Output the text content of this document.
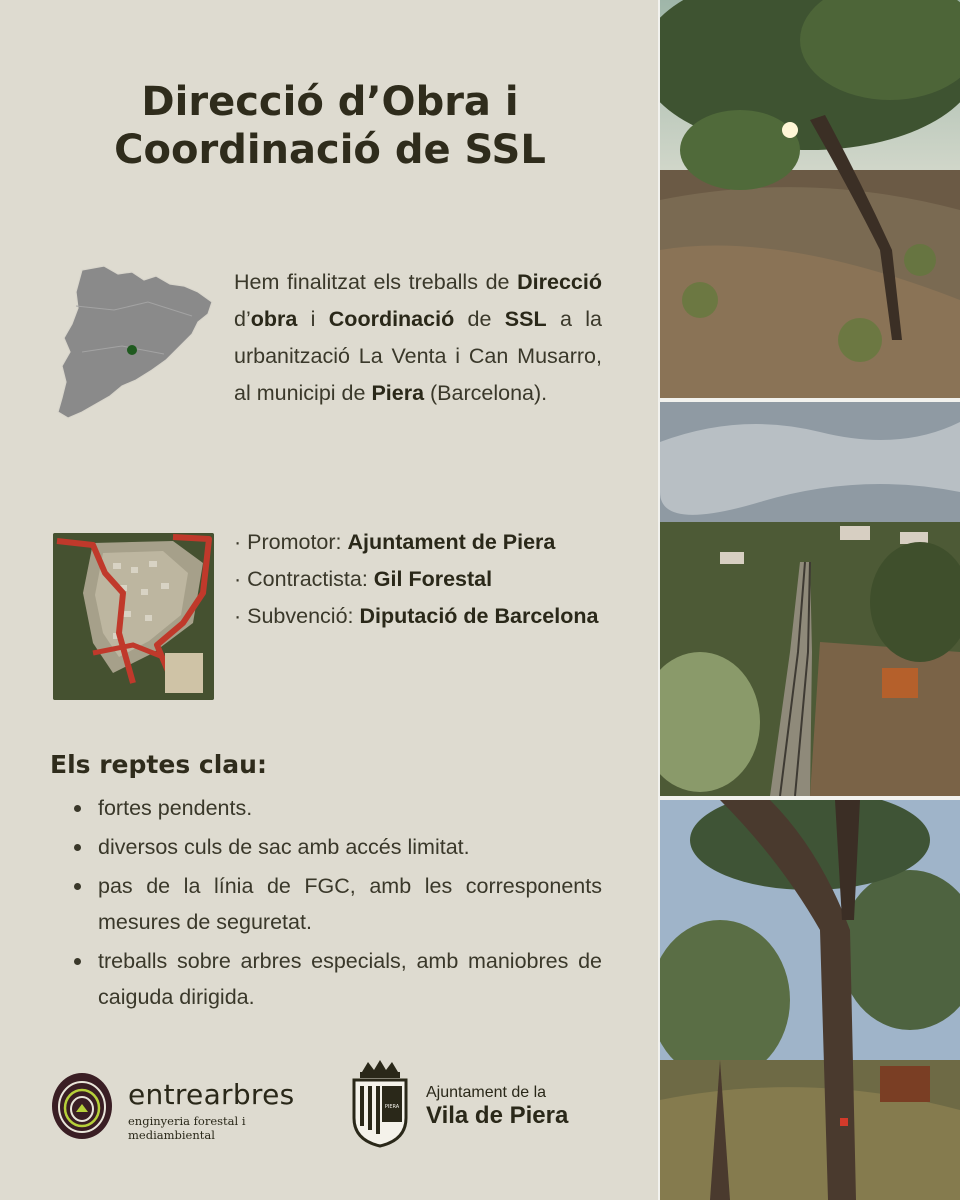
Direcció d’Obra i
Coordinació de SSL
Hem finalitzat els treballs de Direcció d’obra i Coordinació de SSL a la urbanització La Venta i Can Musarro, al municipi de Piera (Barcelona).
· Promotor: Ajuntament de Piera
· Contractista: Gil Forestal
· Subvenció: Diputació de Barcelona
Els reptes clau:
fortes pendents.
diversos culs de sac amb accés limitat.
pas de la línia de FGC, amb les corresponents mesures de seguretat.
treballs sobre arbres especials, amb maniobres de caiguda dirigida.
entrearbres
enginyeria forestal i mediambiental
PIERA
Ajuntament de la
Vila de Piera
